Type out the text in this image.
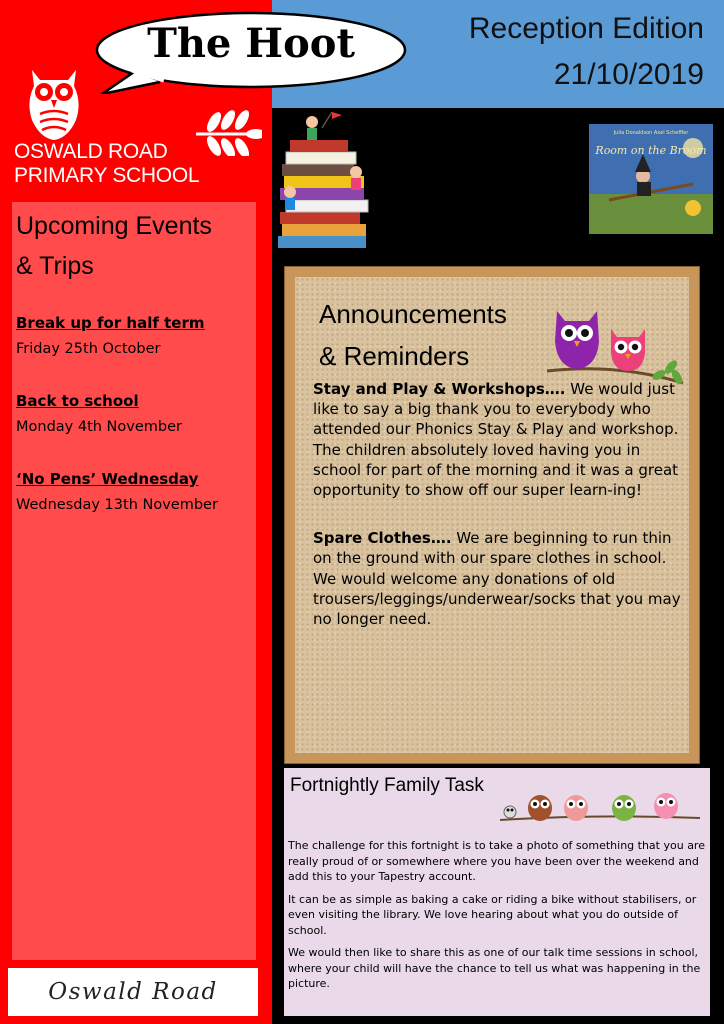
Reception Edition
21/10/2019
The Hoot
OSWALD ROAD
PRIMARY SCHOOL
Upcoming Events
& Trips
Break up for half term
Friday 25th October
Back to school
Monday 4th November
‘No Pens’ Wednesday
Wednesday 13th November
Oswald Road
Julia Donaldson Axel Scheffler
Room on the Broom
Announcements
& Reminders

Stay and Play & Workshops…. We would just like to say a big thank you to everybody who attended our Phonics Stay & Play and workshop. The children absolutely loved having you in school for part of the morning and it was a great opportunity to show off our super learn-ing!

Spare Clothes…. We are beginning to run thin on the ground with our spare clothes in school. We would welcome any donations of old trousers/leggings/underwear/socks that you may no longer need.

Fortnightly Family Task

The challenge for this fortnight is to take a photo of something that you are really proud of or somewhere where you have been over the weekend and add this to your Tapestry account.

It can be as simple as baking a cake or riding a bike without stabilisers, or even visiting the library. We love hearing about what you do outside of school.

We would then like to share this as one of our talk time sessions in school, where your child will have the chance to tell us what was happening in the picture.
